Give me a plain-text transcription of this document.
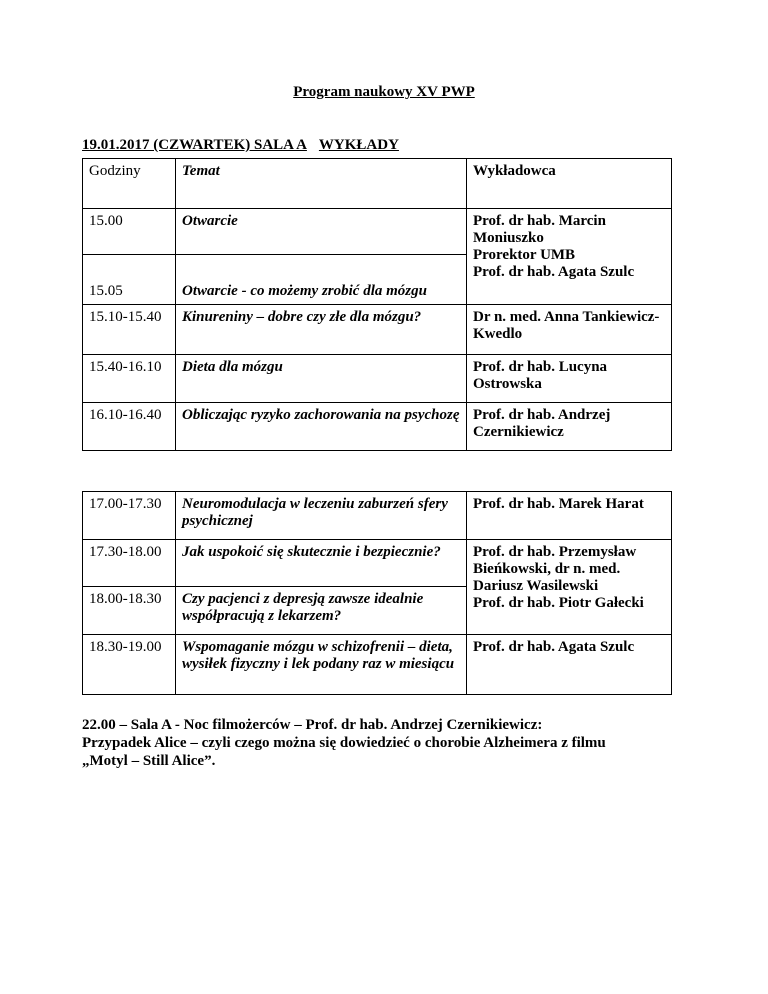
Program naukowy XV PWP
19.01.2017 (CZWARTEK) SALA A WYKŁADY
Godziny	Temat	Wykładowca
15.00	Otwarcie	Prof. dr hab. Marcin Moniuszko
Prorektor UMB
Prof. dr hab. Agata Szulc

15.05	Otwarcie - co możemy zrobić dla mózgu	
15.10-15.40	Kinureniny – dobre czy złe dla mózgu?	Dr n. med. Anna Tankiewicz-Kwedlo
15.40-16.10	Dieta dla mózgu	Prof. dr hab. Lucyna Ostrowska
16.10-16.40	Obliczając ryzyko zachorowania na psychozę	Prof. dr hab. Andrzej Czernikiewicz
17.00-17.30	Neuromodulacja w leczeniu zaburzeń sfery psychicznej	Prof. dr hab. Marek Harat
17.30-18.00	Jak uspokoić się skutecznie i bezpiecznie?	Prof. dr hab. Przemysław Bieńkowski, dr n. med. Dariusz Wasilewski
Prof. dr hab. Piotr Gałecki

18.00-18.30	Czy pacjenci z depresją zawsze idealnie współpracują z lekarzem?	
18.30-19.00	Wspomaganie mózgu w schizofrenii – dieta, wysiłek fizyczny i lek podany raz w miesiącu	Prof. dr hab. Agata Szulc
22.00 – Sala A - Noc filmożerców – Prof. dr hab. Andrzej Czernikiewicz:
Przypadek Alice – czyli czego można się dowiedzieć o chorobie Alzheimera z filmu
„Motyl – Still Alice”.
